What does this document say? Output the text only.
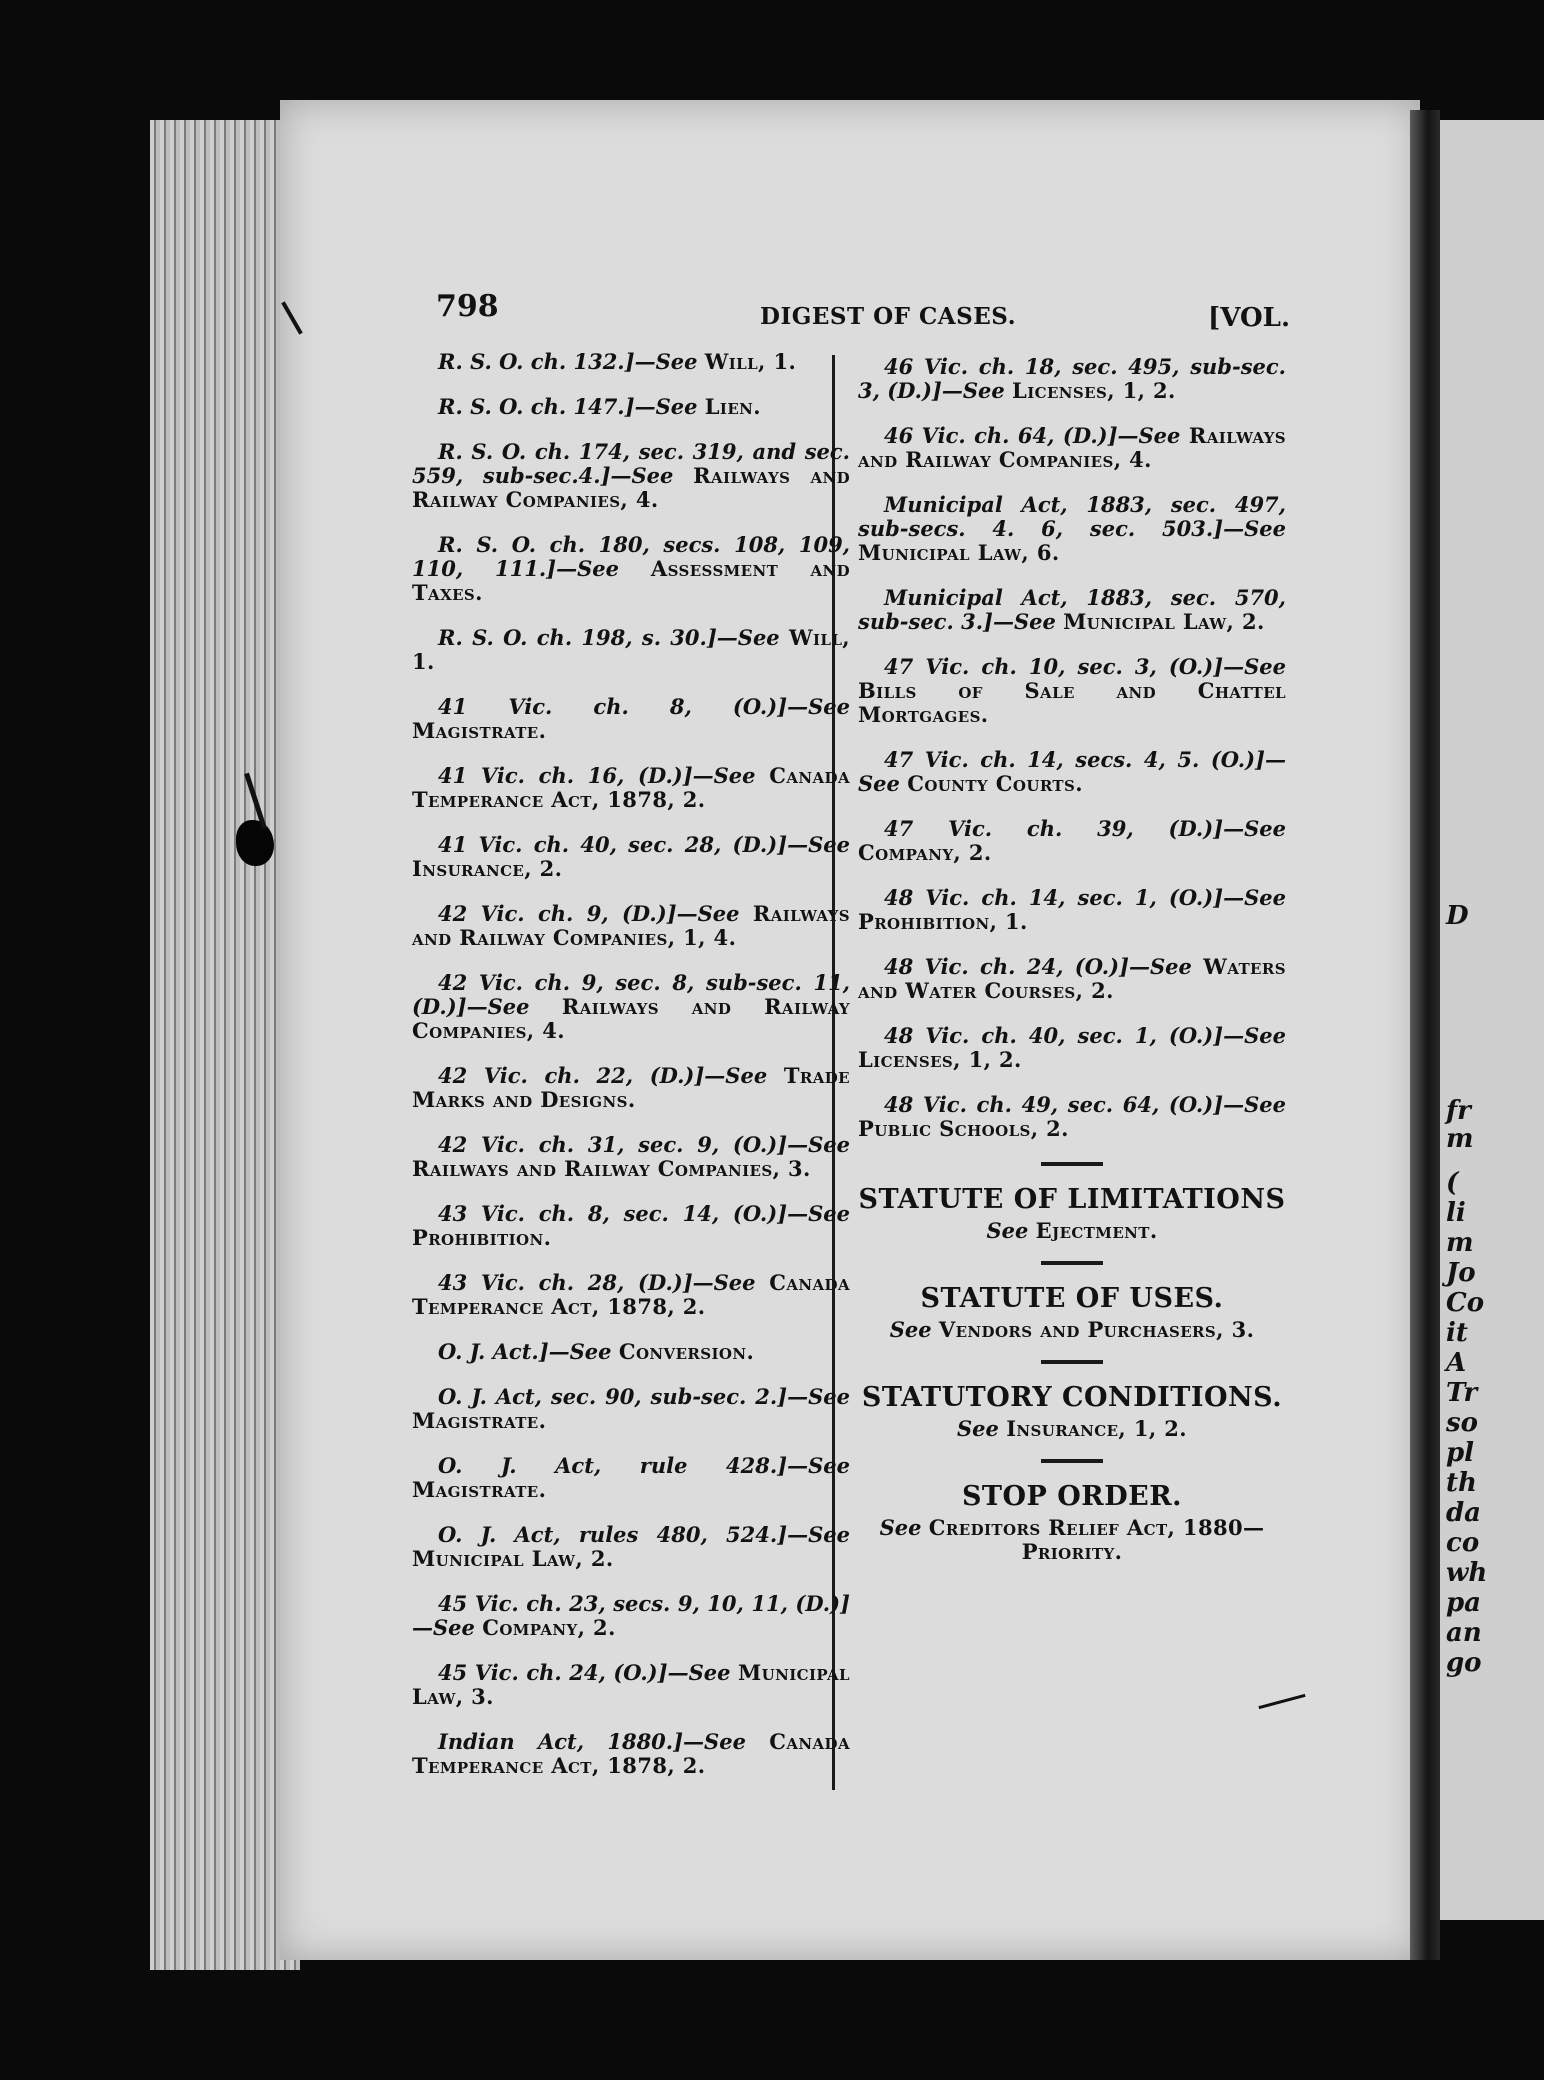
D
fr
m
(
li
m
Jo
Co
it
A
Tr
so
pl
th
da
co
wh
pa
an
go
798	DIGEST OF CASES.	[VOL.

R. S. O. ch. 132.]—See Will, 1.

R. S. O. ch. 147.]—See Lien.

R. S. O. ch. 174, sec. 319, and sec. 559, sub-sec.4.]—See Railways and Railway Companies, 4.

R. S. O. ch. 180, secs. 108, 109, 110, 111.]—See Assessment and Taxes.

R. S. O. ch. 198, s. 30.]—See Will, 1.

41 Vic. ch. 8, (O.)]—See Magistrate.

41 Vic. ch. 16, (D.)]—See Canada Temperance Act, 1878, 2.

41 Vic. ch. 40, sec. 28, (D.)]—See Insurance, 2.

42 Vic. ch. 9, (D.)]—See Railways and Railway Companies, 1, 4.

42 Vic. ch. 9, sec. 8, sub-sec. 11, (D.)]—See Railways and Railway Companies, 4.

42 Vic. ch. 22, (D.)]—See Trade Marks and Designs.

42 Vic. ch. 31, sec. 9, (O.)]—See Railways and Railway Companies, 3.

43 Vic. ch. 8, sec. 14, (O.)]—See Prohibition.

43 Vic. ch. 28, (D.)]—See Canada Temperance Act, 1878, 2.

O. J. Act.]—See Conversion.

O. J. Act, sec. 90, sub-sec. 2.]—See Magistrate.

O. J. Act, rule 428.]—See Magistrate.

O. J. Act, rules 480, 524.]—See Municipal Law, 2.

45 Vic. ch. 23, secs. 9, 10, 11, (D.)]—See Company, 2.

45 Vic. ch. 24, (O.)]—See Municipal Law, 3.

Indian Act, 1880.]—See Canada Temperance Act, 1878, 2.

46 Vic. ch. 18, sec. 495, sub-sec. 3, (D.)]—See Licenses, 1, 2.

46 Vic. ch. 64, (D.)]—See Railways and Railway Companies, 4.

Municipal Act, 1883, sec. 497, sub-secs. 4. 6, sec. 503.]—See Municipal Law, 6.

Municipal Act, 1883, sec. 570, sub-sec. 3.]—See Municipal Law, 2.

47 Vic. ch. 10, sec. 3, (O.)]—See Bills of Sale and Chattel Mortgages.

47 Vic. ch. 14, secs. 4, 5. (O.)]—See County Courts.

47 Vic. ch. 39, (D.)]—See Company, 2.

48 Vic. ch. 14, sec. 1, (O.)]—See Prohibition, 1.

48 Vic. ch. 24, (O.)]—See Waters and Water Courses, 2.

48 Vic. ch. 40, sec. 1, (O.)]—See Licenses, 1, 2.

48 Vic. ch. 49, sec. 64, (O.)]—See Public Schools, 2.

STATUTE OF LIMITATIONS
See Ejectment.
STATUTE OF USES.
See Vendors and Purchasers, 3.
STATUTORY CONDITIONS.
See Insurance, 1, 2.
STOP ORDER.
See Creditors Relief Act, 1880—Priority.
